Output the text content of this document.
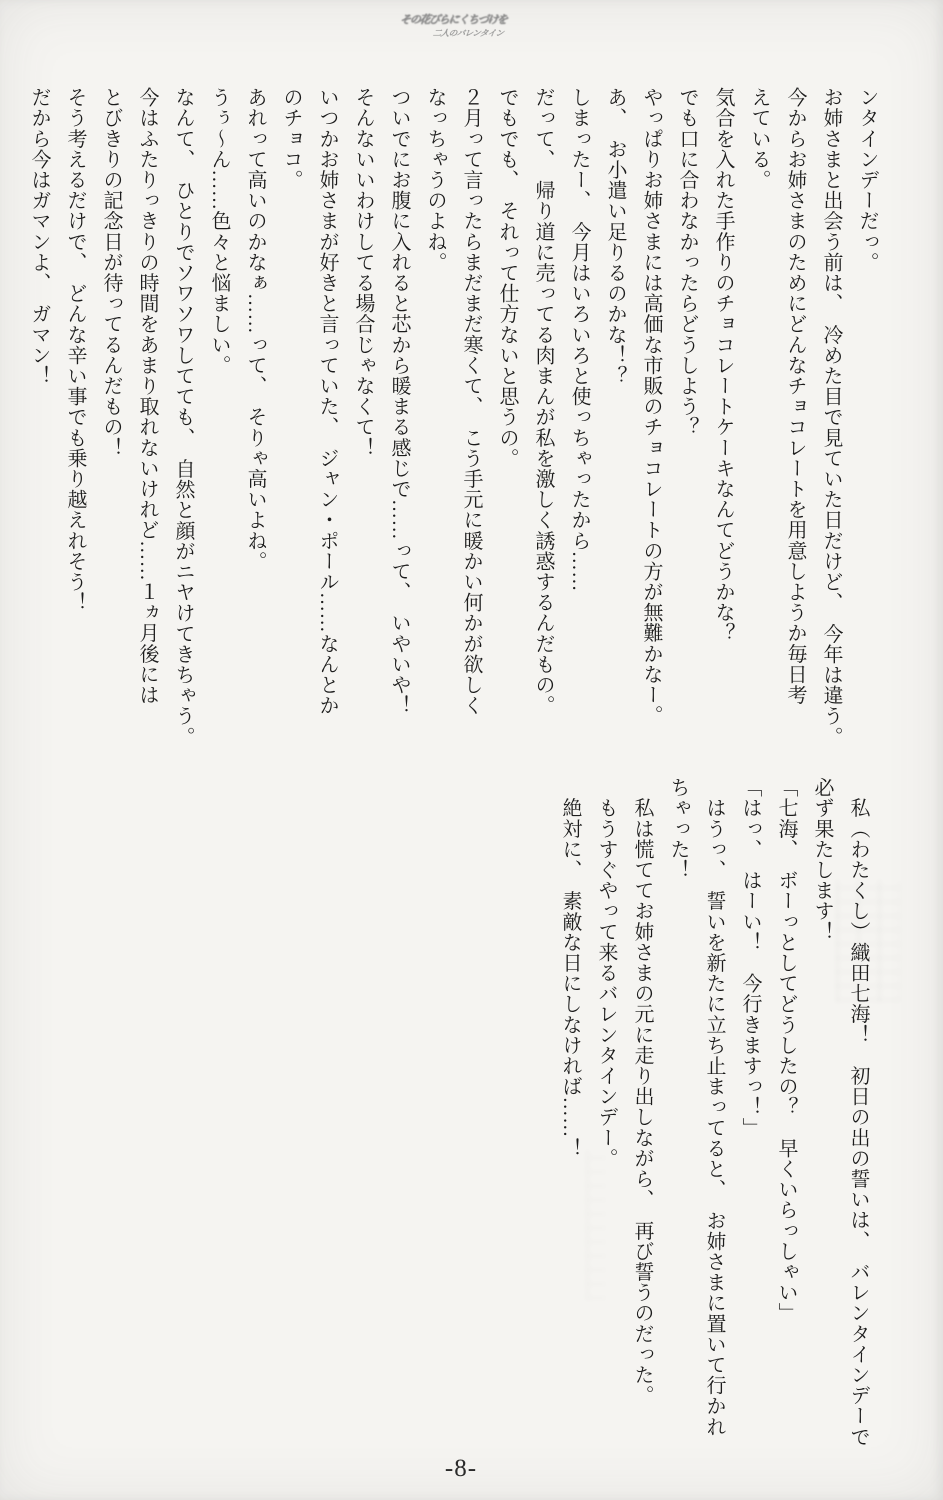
その花びらにくちづけを
二人のバレンタイン
ンタインデーだっ。
お姉さまと出会う前は、　冷めた目で見ていた日だけど、　今年は違う。
今からお姉さまのためにどんなチョコレートを用意しようか毎日考
えている。
気合を入れた手作りのチョコレートケーキなんてどうかな？
でも口に合わなかったらどうしよう？
やっぱりお姉さまには高価な市販のチョコレートの方が無難かなー。
あ、　お小遣い足りるのかな！？
しまったー、　今月はいろいろと使っちゃったから……
だって、　帰り道に売ってる肉まんが私を激しく誘惑するんだもの。
でもでも、　それって仕方ないと思うの。
２月って言ったらまだまだ寒くて、　こう手元に暖かい何かが欲しく
なっちゃうのよね。
ついでにお腹に入れると芯から暖まる感じで……って、　いやいや！
そんないいわけしてる場合じゃなくて！
いつかお姉さまが好きと言っていた、　ジャン・ポール……なんとか
のチョコ。
あれって高いのかなぁ……って、　そりゃ高いよね。
うぅ～ん……色々と悩ましい。
なんて、　ひとりでソワソワしてても、　自然と顔がニヤけてきちゃう。
今はふたりっきりの時間をあまり取れないけれど……１ヵ月後には
とびきりの記念日が待ってるんだもの！
そう考えるだけで、　どんな辛い事でも乗り越えれそう！
だから今はガマンよ、　ガマン！
　私（わたくし）織田七海！　初日の出の誓いは、　バレンタインデーで
必ず果たします！
「七海、　ボーっとしてどうしたの？　早くいらっしゃい」
「はっ、　はーい！　今行きますっ！」
　はうっ、　誓いを新たに立ち止まってると、　お姉さまに置いて行かれ
ちゃった！
　私は慌ててお姉さまの元に走り出しながら、　再び誓うのだった。
　もうすぐやって来るバレンタインデー。
　絶対に、　素敵な日にしなければ……！
-8-
